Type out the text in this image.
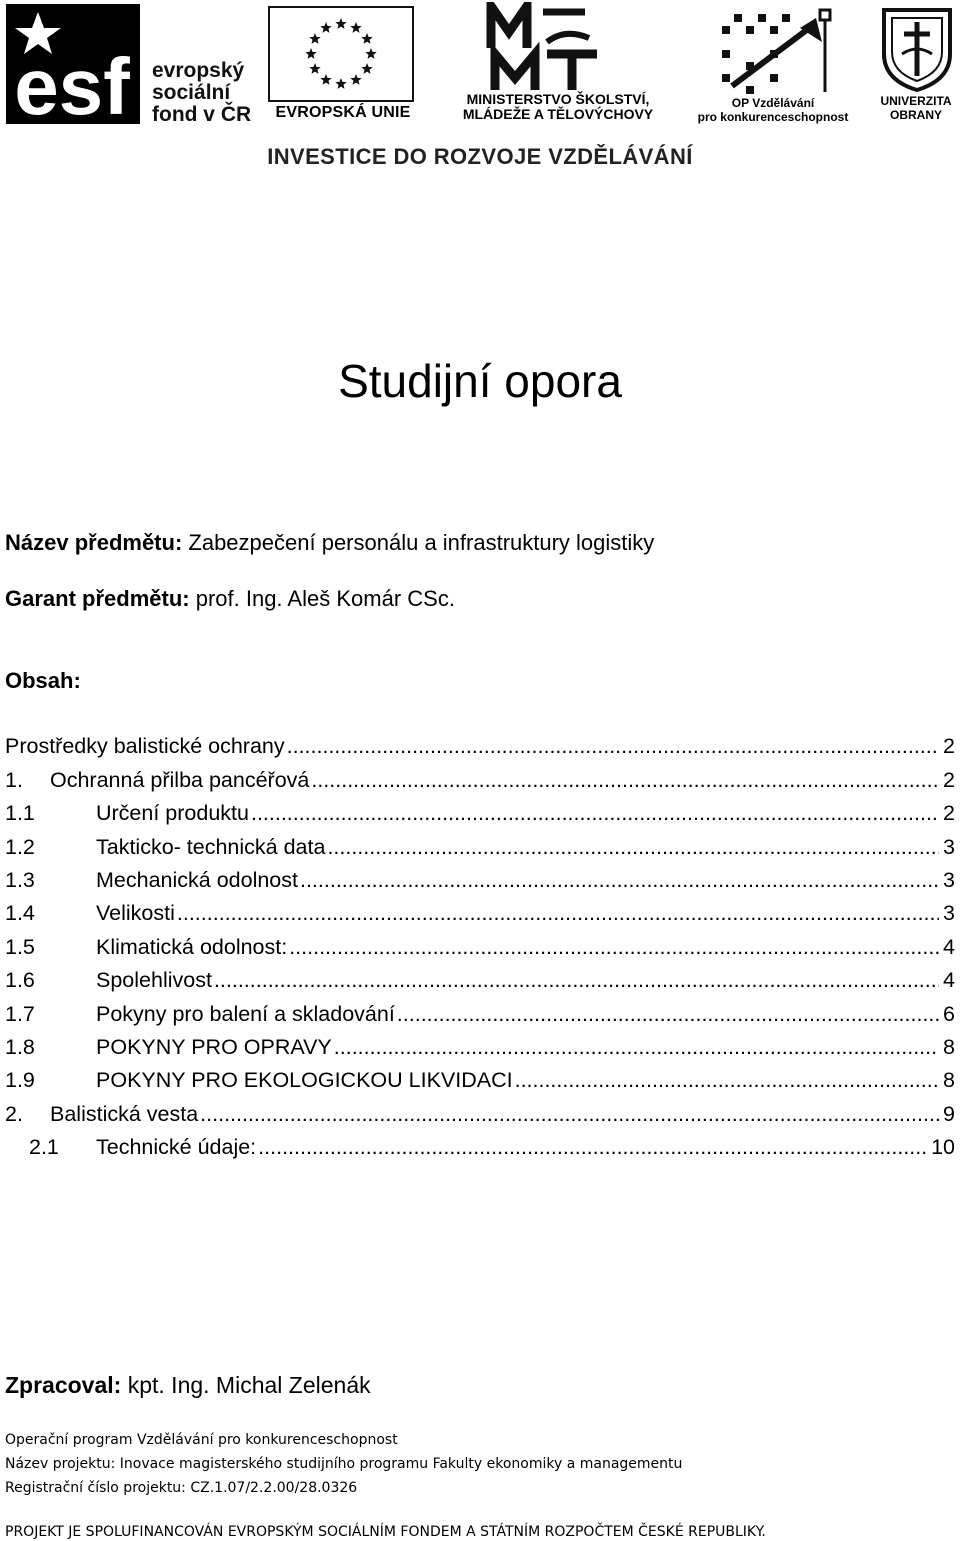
esf evropský
sociální
fond v ČR	EVROPSKÁ UNIE
MINISTERSTVO ŠKOLSTVÍ,
MLÁDEŽE A TĚLOVÝCHOVY
OP Vzdělávání
pro konkurenceschopnost
UNIVERZITA
OBRANY
INVESTICE DO ROZVOJE VZDĚLÁVÁNÍ
Studijní opora
Název předmětu: Zabezpečení personálu a infrastruktury logistiky
Garant předmětu: prof. Ing. Aleš Komár CSc.
Obsah:
Prostředky balistické ochrany .....	2
1.	Ochranná přilba pancéřová .....	2
1.1	Určení produktu .....	2
1.2	Takticko- technická data .....	3
1.3	Mechanická odolnost .....	3
1.4	Velikosti .....	3
1.5	Klimatická odolnost: .....	4
1.6	Spolehlivost .....	4
1.7	Pokyny pro balení a skladování .....	6
1.8	POKYNY PRO OPRAVY .....	8
1.9	POKYNY PRO EKOLOGICKOU LIKVIDACI .....	8
2.	Balistická vesta .....	9
2.1	Technické údaje: .....	10
Zpracoval: kpt. Ing. Michal Zelenák
Operační program Vzdělávání pro konkurenceschopnost
Název projektu: Inovace magisterského studijního programu Fakulty ekonomiky a managementu
Registrační číslo projektu: CZ.1.07/2.2.00/28.0326
PROJEKT JE SPOLUFINANCOVÁN EVROPSKÝM SOCIÁLNÍM FONDEM A STÁTNÍM ROZPOČTEM ČESKÉ REPUBLIKY.
